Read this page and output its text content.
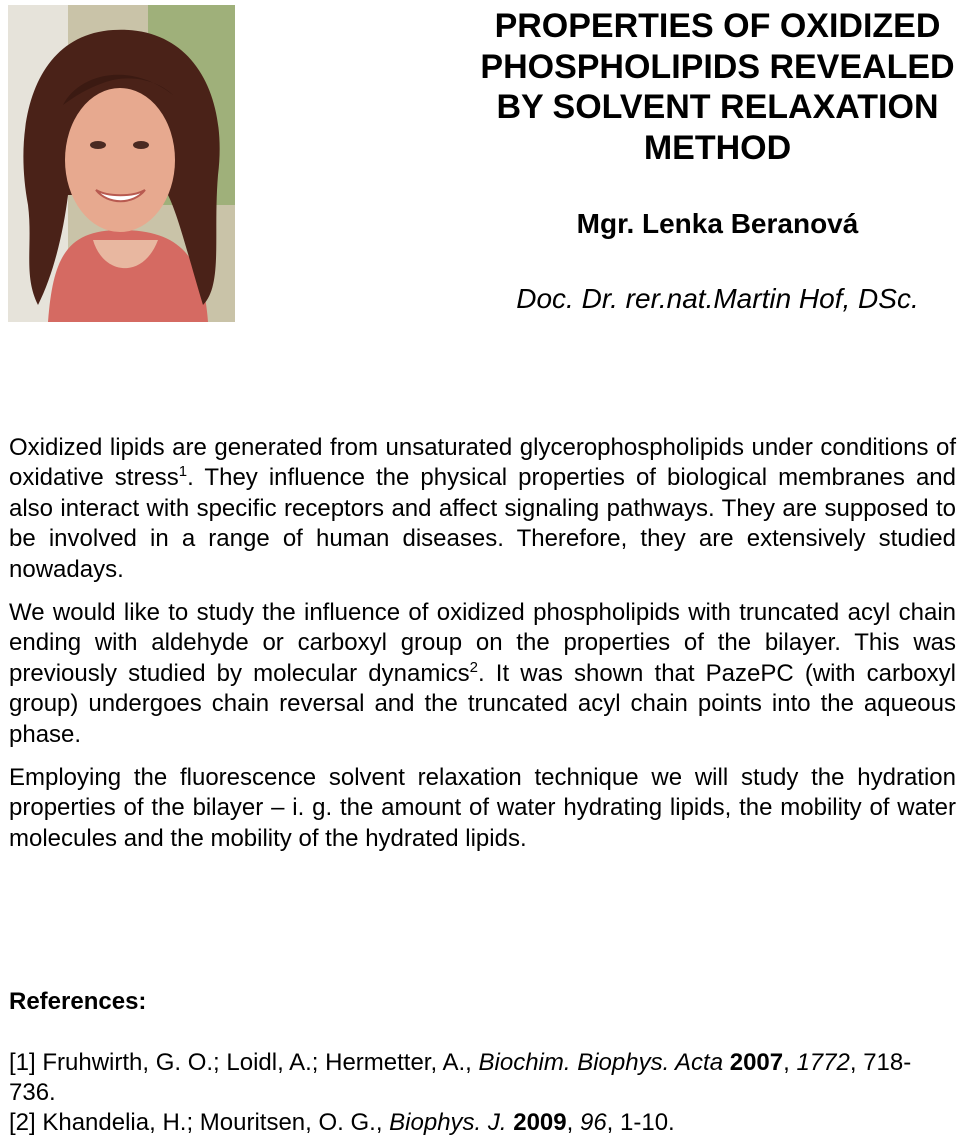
PROPERTIES OF OXIDIZED PHOSPHOLIPIDS REVEALED BY SOLVENT RELAXATION METHOD
Mgr. Lenka Beranová
Doc. Dr. rer.nat.Martin Hof, DSc.

Oxidized lipids are generated from unsaturated glycerophospholipids under conditions of oxidative stress$^1$. They influence the physical properties of biological membranes and also interact with specific receptors and affect signaling pathways. They are supposed to be involved in a range of human diseases. Therefore, they are extensively studied nowadays.

We would like to study the influence of oxidized phospholipids with truncated acyl chain ending with aldehyde or carboxyl group on the properties of the bilayer. This was previously studied by molecular dynamics$^2$. It was shown that PazePC (with carboxyl group) undergoes chain reversal and the truncated acyl chain points into the aqueous phase.

Employing the fluorescence solvent relaxation technique we will study the hydration properties of the bilayer – i. g. the amount of water hydrating lipids, the mobility of water molecules and the mobility of the hydrated lipids.

References:

[1] Fruhwirth, G. O.; Loidl, A.; Hermetter, A., Biochim. Biophys. Acta 2007, 1772, 718-736.

[2] Khandelia, H.; Mouritsen, O. G., Biophys. J. 2009, 96, 1-10.
